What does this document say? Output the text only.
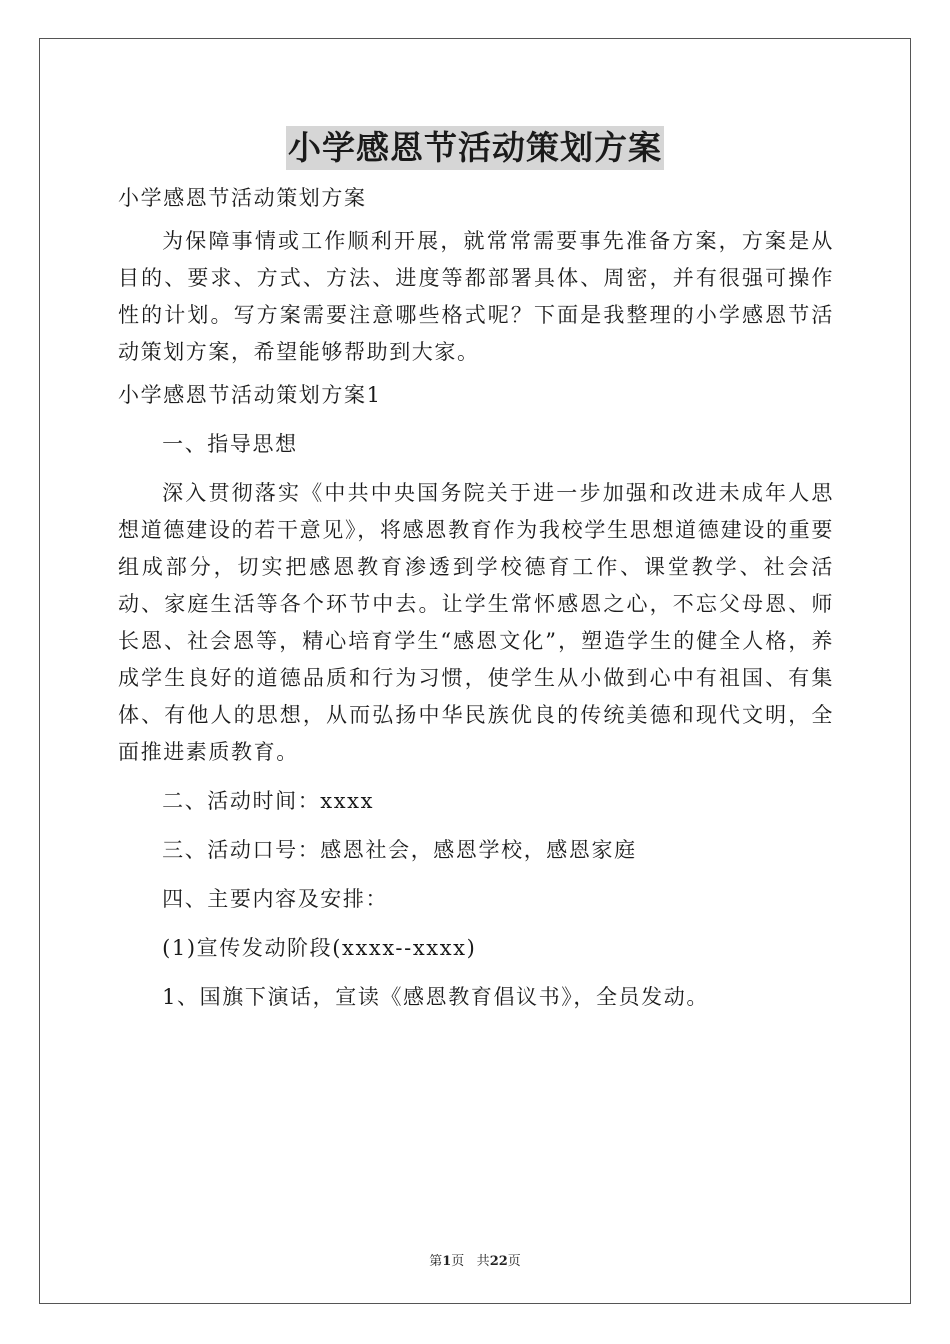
小学感恩节活动策划方案

小学感恩节活动策划方案

为保障事情或工作顺利开展，就常常需要事先准备方案，方案是从目的、要求、方式、方法、进度等都部署具体、周密，并有很强可操作性的计划。写方案需要注意哪些格式呢？下面是我整理的小学感恩节活动策划方案，希望能够帮助到大家。

小学感恩节活动策划方案1

一、指导思想

深入贯彻落实《中共中央国务院关于进一步加强和改进未成年人思想道德建设的若干意见》，将感恩教育作为我校学生思想道德建设的重要组成部分，切实把感恩教育渗透到学校德育工作、课堂教学、社会活动、家庭生活等各个环节中去。让学生常怀感恩之心，不忘父母恩、师长恩、社会恩等，精心培育学生“感恩文化”，塑造学生的健全人格，养成学生良好的道德品质和行为习惯，使学生从小做到心中有祖国、有集体、有他人的思想，从而弘扬中华民族优良的传统美德和现代文明，全面推进素质教育。

二、活动时间：xxxx

三、活动口号：感恩社会，感恩学校，感恩家庭

四、主要内容及安排：

(1)宣传发动阶段(xxxx--xxxx)

1、国旗下演话，宣读《感恩教育倡议书》，全员发动。

第1页 共22页
